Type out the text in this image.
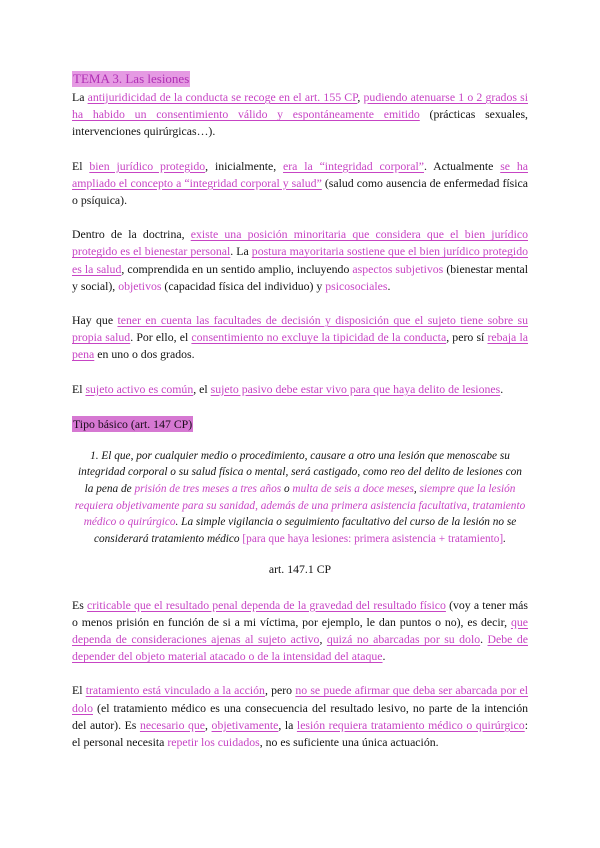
TEMA 3. Las lesiones

La antijuridicidad de la conducta se recoge en el art. 155 CP, pudiendo atenuarse 1 o 2 grados si ha habido un consentimiento válido y espontáneamente emitido (prácticas sexuales, intervenciones quirúrgicas…).

El bien jurídico protegido, inicialmente, era la “integridad corporal”. Actualmente se ha ampliado el concepto a “integridad corporal y salud” (salud como ausencia de enfermedad física o psíquica).

Dentro de la doctrina, existe una posición minoritaria que considera que el bien jurídico protegido es el bienestar personal. La postura mayoritaria sostiene que el bien jurídico protegido es la salud, comprendida en un sentido amplio, incluyendo aspectos subjetivos (bienestar mental y social), objetivos (capacidad física del individuo) y psicosociales.

Hay que tener en cuenta las facultades de decisión y disposición que el sujeto tiene sobre su propia salud. Por ello, el consentimiento no excluye la tipicidad de la conducta, pero sí rebaja la pena en uno o dos grados.

El sujeto activo es común, el sujeto pasivo debe estar vivo para que haya delito de lesiones.

Tipo básico (art. 147 CP)

1. El que, por cualquier medio o procedimiento, causare a otro una lesión que menoscabe su integridad corporal o su salud física o mental, será castigado, como reo del delito de lesiones con la pena de prisión de tres meses a tres años o multa de seis a doce meses, siempre que la lesión requiera objetivamente para su sanidad, además de una primera asistencia facultativa, tratamiento médico o quirúrgico. La simple vigilancia o seguimiento facultativo del curso de la lesión no se considerará tratamiento médico [para que haya lesiones: primera asistencia + tratamiento].

art. 147.1 CP

Es criticable que el resultado penal dependa de la gravedad del resultado físico (voy a tener más o menos prisión en función de si a mi víctima, por ejemplo, le dan puntos o no), es decir, que dependa de consideraciones ajenas al sujeto activo, quizá no abarcadas por su dolo. Debe de depender del objeto material atacado o de la intensidad del ataque.

El tratamiento está vinculado a la acción, pero no se puede afirmar que deba ser abarcada por el dolo (el tratamiento médico es una consecuencia del resultado lesivo, no parte de la intención del autor). Es necesario que, objetivamente, la lesión requiera tratamiento médico o quirúrgico: el personal necesita repetir los cuidados, no es suficiente una única actuación.
